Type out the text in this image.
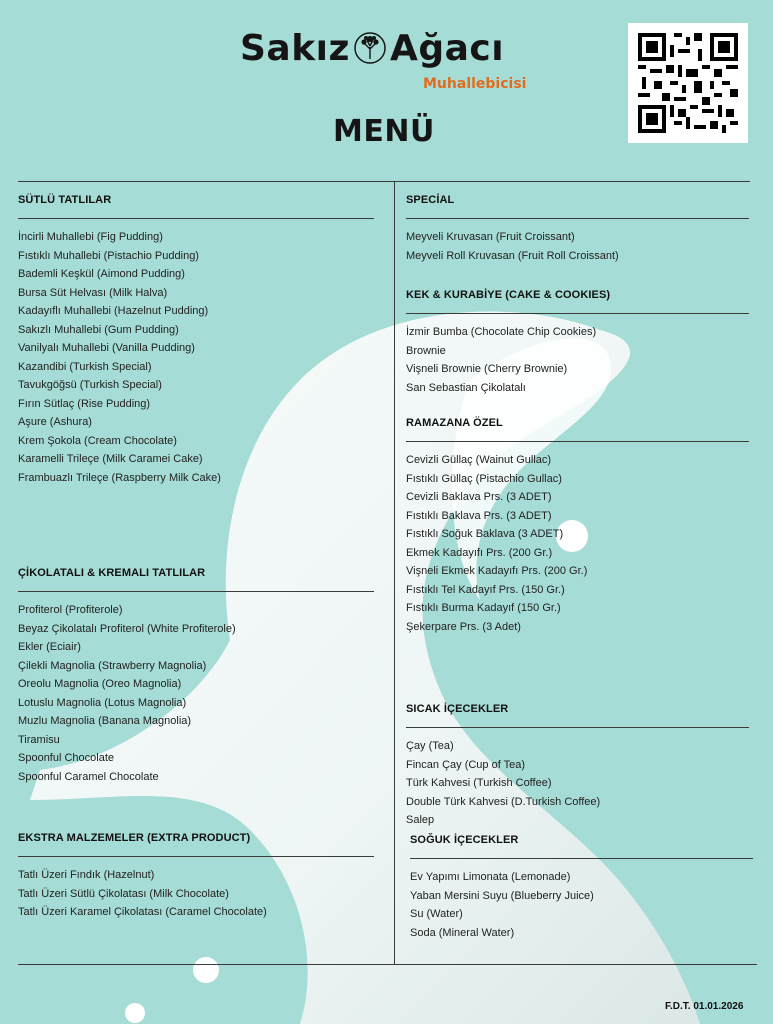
Sakız Ağacı
Muhallebicisi
MENÜ
SÜTLÜ TATLILAR
İncirli Muhallebi (Fig Pudding)
Fıstıklı Muhallebi (Pistachio Pudding)
Bademli Keşkül (Aimond Pudding)
Bursa Süt Helvası (Milk Halva)
Kadayıflı Muhallebi (Hazelnut Pudding)
Sakızlı Muhallebi (Gum Pudding)
Vanilyalı Muhallebi (Vanilla Pudding)
Kazandibi (Turkish Special)
Tavukgöğsü (Turkish Special)
Fırın Sütlaç (Rise Pudding)
Aşure (Ashura)
Krem Şokola (Cream Chocolate)
Karamelli Trileçe (Milk Caramei Cake)
Frambuazlı Trileçe (Raspberry Milk Cake)
ÇİKOLATALI & KREMALI TATLILAR
Profiterol (Profiterole)
Beyaz Çikolatalı Profiterol (White Profiterole)
Ekler (Eciair)
Çilekli Magnolia (Strawberry Magnolia)
Oreolu Magnolia (Oreo Magnolia)
Lotuslu Magnolia (Lotus Magnolia)
Muzlu Magnolia (Banana Magnolia)
Tiramisu
Spoonful Chocolate
Spoonful Caramel Chocolate
EKSTRA MALZEMELER (EXTRA PRODUCT)
Tatlı Üzeri Fındık (Hazelnut)
Tatlı Üzeri Sütlü Çikolatası (Milk Chocolate)
Tatlı Üzeri Karamel Çikolatası (Caramel Chocolate)
SPECİAL
Meyveli Kruvasan (Fruit Croissant)
Meyveli Roll Kruvasan (Fruit Roll Croissant)
KEK & KURABİYE (CAKE & COOKIES)
İzmir Bumba (Chocolate Chip Cookies)
Brownie
Vişneli Brownie (Cherry Brownie)
San Sebastian Çikolatalı
RAMAZANA ÖZEL
Cevizli Güllaç (Wainut Gullac)
Fıstıklı Güllaç (Pistachio Gullac)
Cevizli Baklava Prs. (3 ADET)
Fıstıklı Baklava Prs. (3 ADET)
Fıstıklı Soğuk Baklava (3 ADET)
Ekmek Kadayıfı Prs. (200 Gr.)
Vişneli Ekmek Kadayıfı Prs. (200 Gr.)
Fıstıklı Tel Kadayıf Prs. (150 Gr.)
Fıstıklı Burma Kadayıf (150 Gr.)
Şekerpare Prs. (3 Adet)
SICAK İÇECEKLER
Çay (Tea)
Fincan Çay (Cup of Tea)
Türk Kahvesi (Turkish Coffee)
Double Türk Kahvesi (D.Turkish Coffee)
Salep
SOĞUK İÇECEKLER
Ev Yapımı Limonata (Lemonade)
Yaban Mersini Suyu (Blueberry Juice)
Su (Water)
Soda (Mineral Water)
F.D.T. 01.01.2026
